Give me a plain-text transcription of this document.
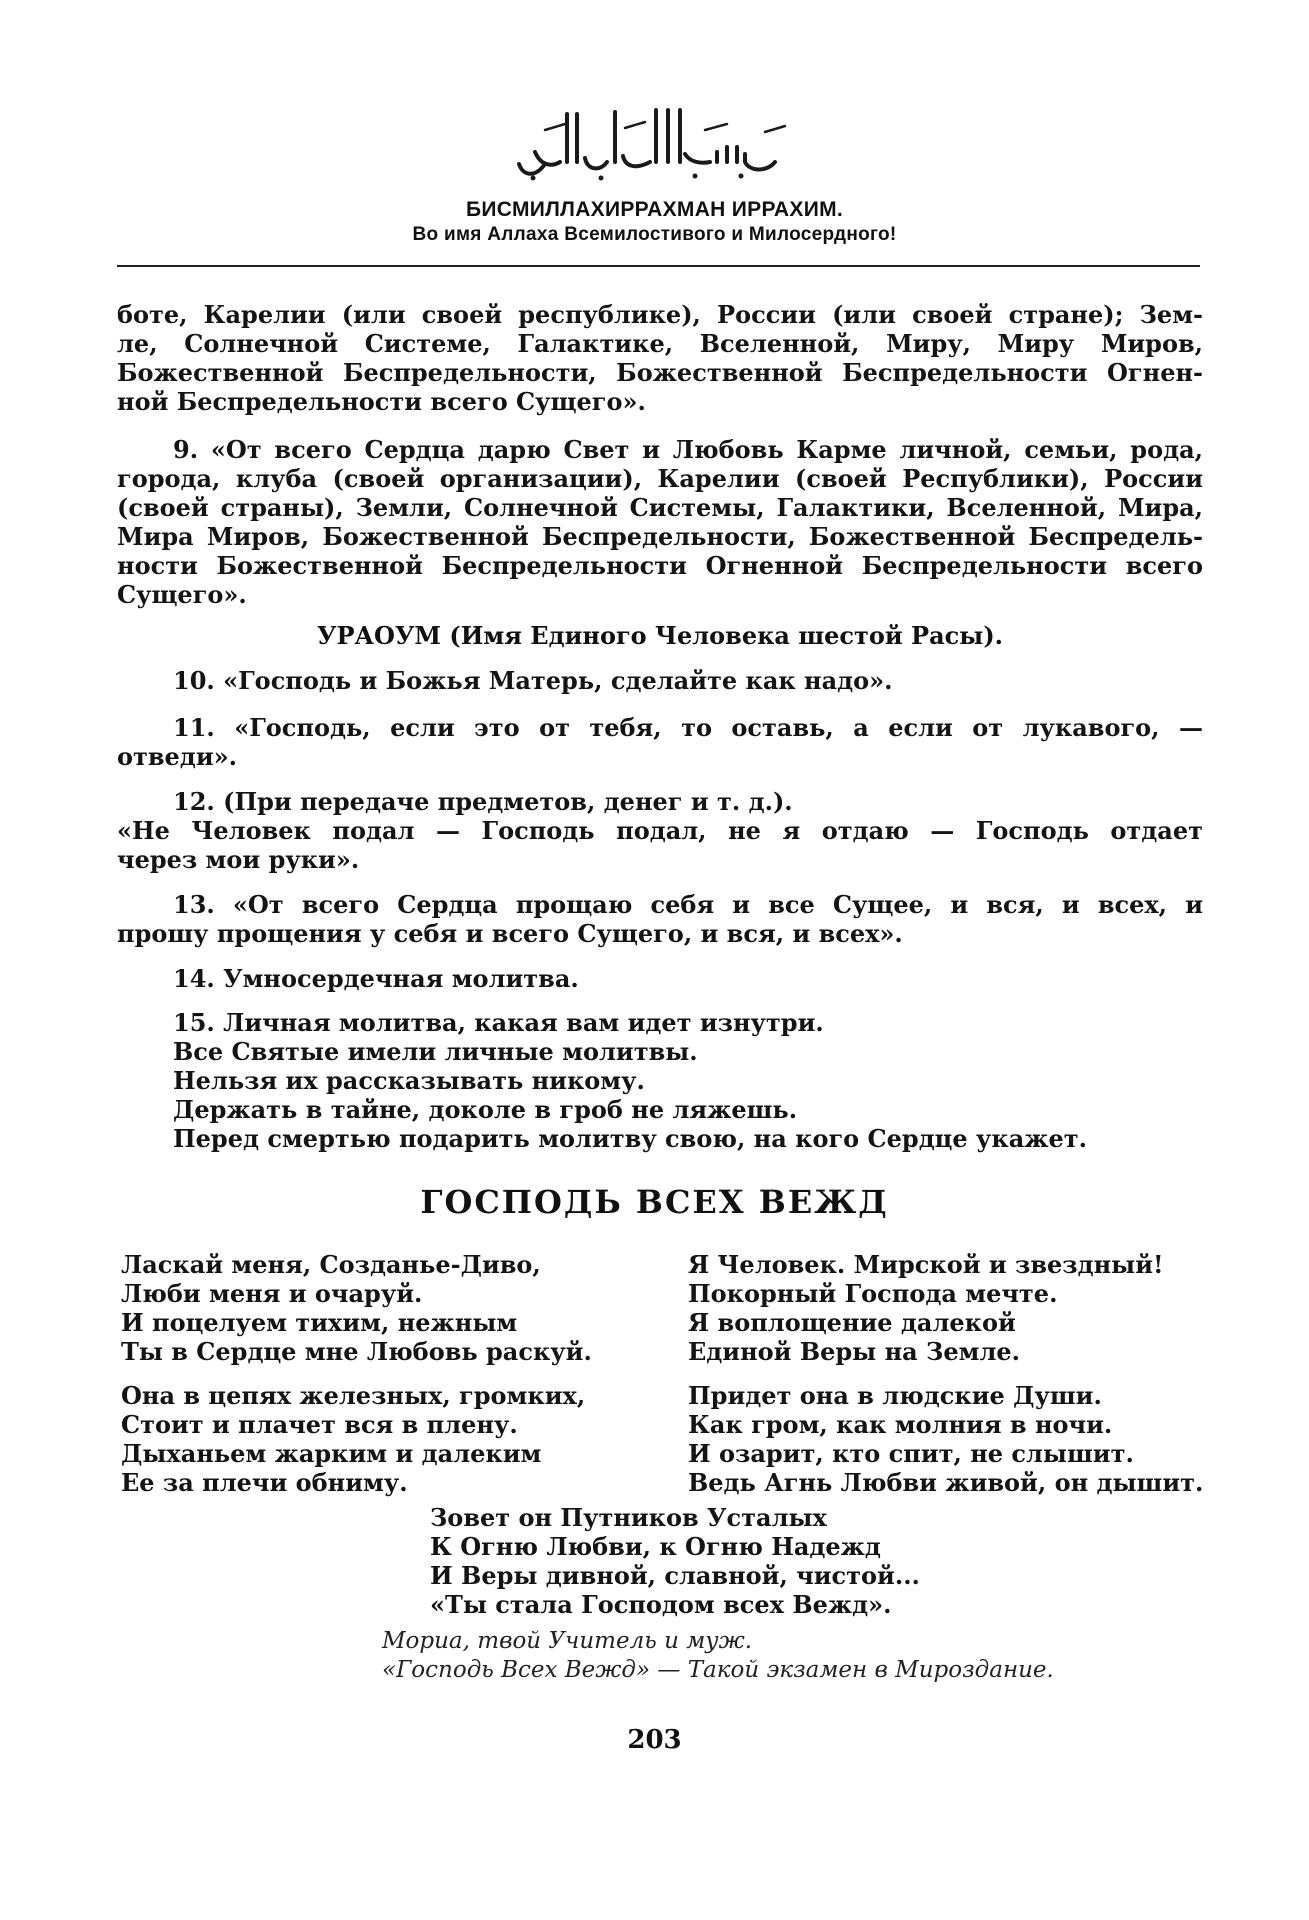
БИСМИЛЛАХИРРАХМАН ИРРАХИМ.
Во имя Аллаха Всемилостивого и Милосердного!
боте, Карелии (или своей республике), России (или своей стране); Зем-
ле, Солнечной Системе, Галактике, Вселенной, Миру, Миру Миров,
Божественной Беспредельности, Божественной Беспредельности Огнен-
ной Беспредельности всего Сущего».
9. «От всего Сердца дарю Свет и Любовь Карме личной, семьи, рода,
города, клуба (своей организации), Карелии (своей Республики), России
(своей страны), Земли, Солнечной Системы, Галактики, Вселенной, Мира,
Мира Миров, Божественной Беспредельности, Божественной Беспредель-
ности Божественной Беспредельности Огненной Беспредельности всего
Сущего».
УРАОУМ (Имя Единого Человека шестой Расы).
10. «Господь и Божья Матерь, сделайте как надо».
11. «Господь, если это от тебя, то оставь, а если от лукавого, —
отведи».
12. (При передаче предметов, денег и т. д.).
«Не Человек подал — Господь подал, не я отдаю — Господь отдает
через мои руки».
13. «От всего Сердца прощаю себя и все Сущее, и вся, и всех, и
прошу прощения у себя и всего Сущего, и вся, и всех».
14. Умносердечная молитва.
15. Личная молитва, какая вам идет изнутри.
Все Святые имели личные молитвы.
Нельзя их рассказывать никому.
Держать в тайне, доколе в гроб не ляжешь.
Перед смертью подарить молитву свою, на кого Сердце укажет.
ГОСПОДЬ ВСЕХ ВЕЖД
Ласкай меня, Созданье-Диво,
Люби меня и очаруй.
И поцелуем тихим, нежным
Ты в Сердце мне Любовь раскуй.
Она в цепях железных, громких,
Стоит и плачет вся в плену.
Дыханьем жарким и далеким
Ее за плечи обниму.
Я Человек. Мирской и звездный!
Покорный Господа мечте.
Я воплощение далекой
Единой Веры на Земле.
Придет она в людские Души.
Как гром, как молния в ночи.
И озарит, кто спит, не слышит.
Ведь Агнь Любви живой, он дышит.
Зовет он Путников Усталых
К Огню Любви, к Огню Надежд
И Веры дивной, славной, чистой...
«Ты стала Господом всех Вежд».
Мориа, твой Учитель и муж.
«Господь Всех Вежд» — Такой экзамен в Мироздание.
203
